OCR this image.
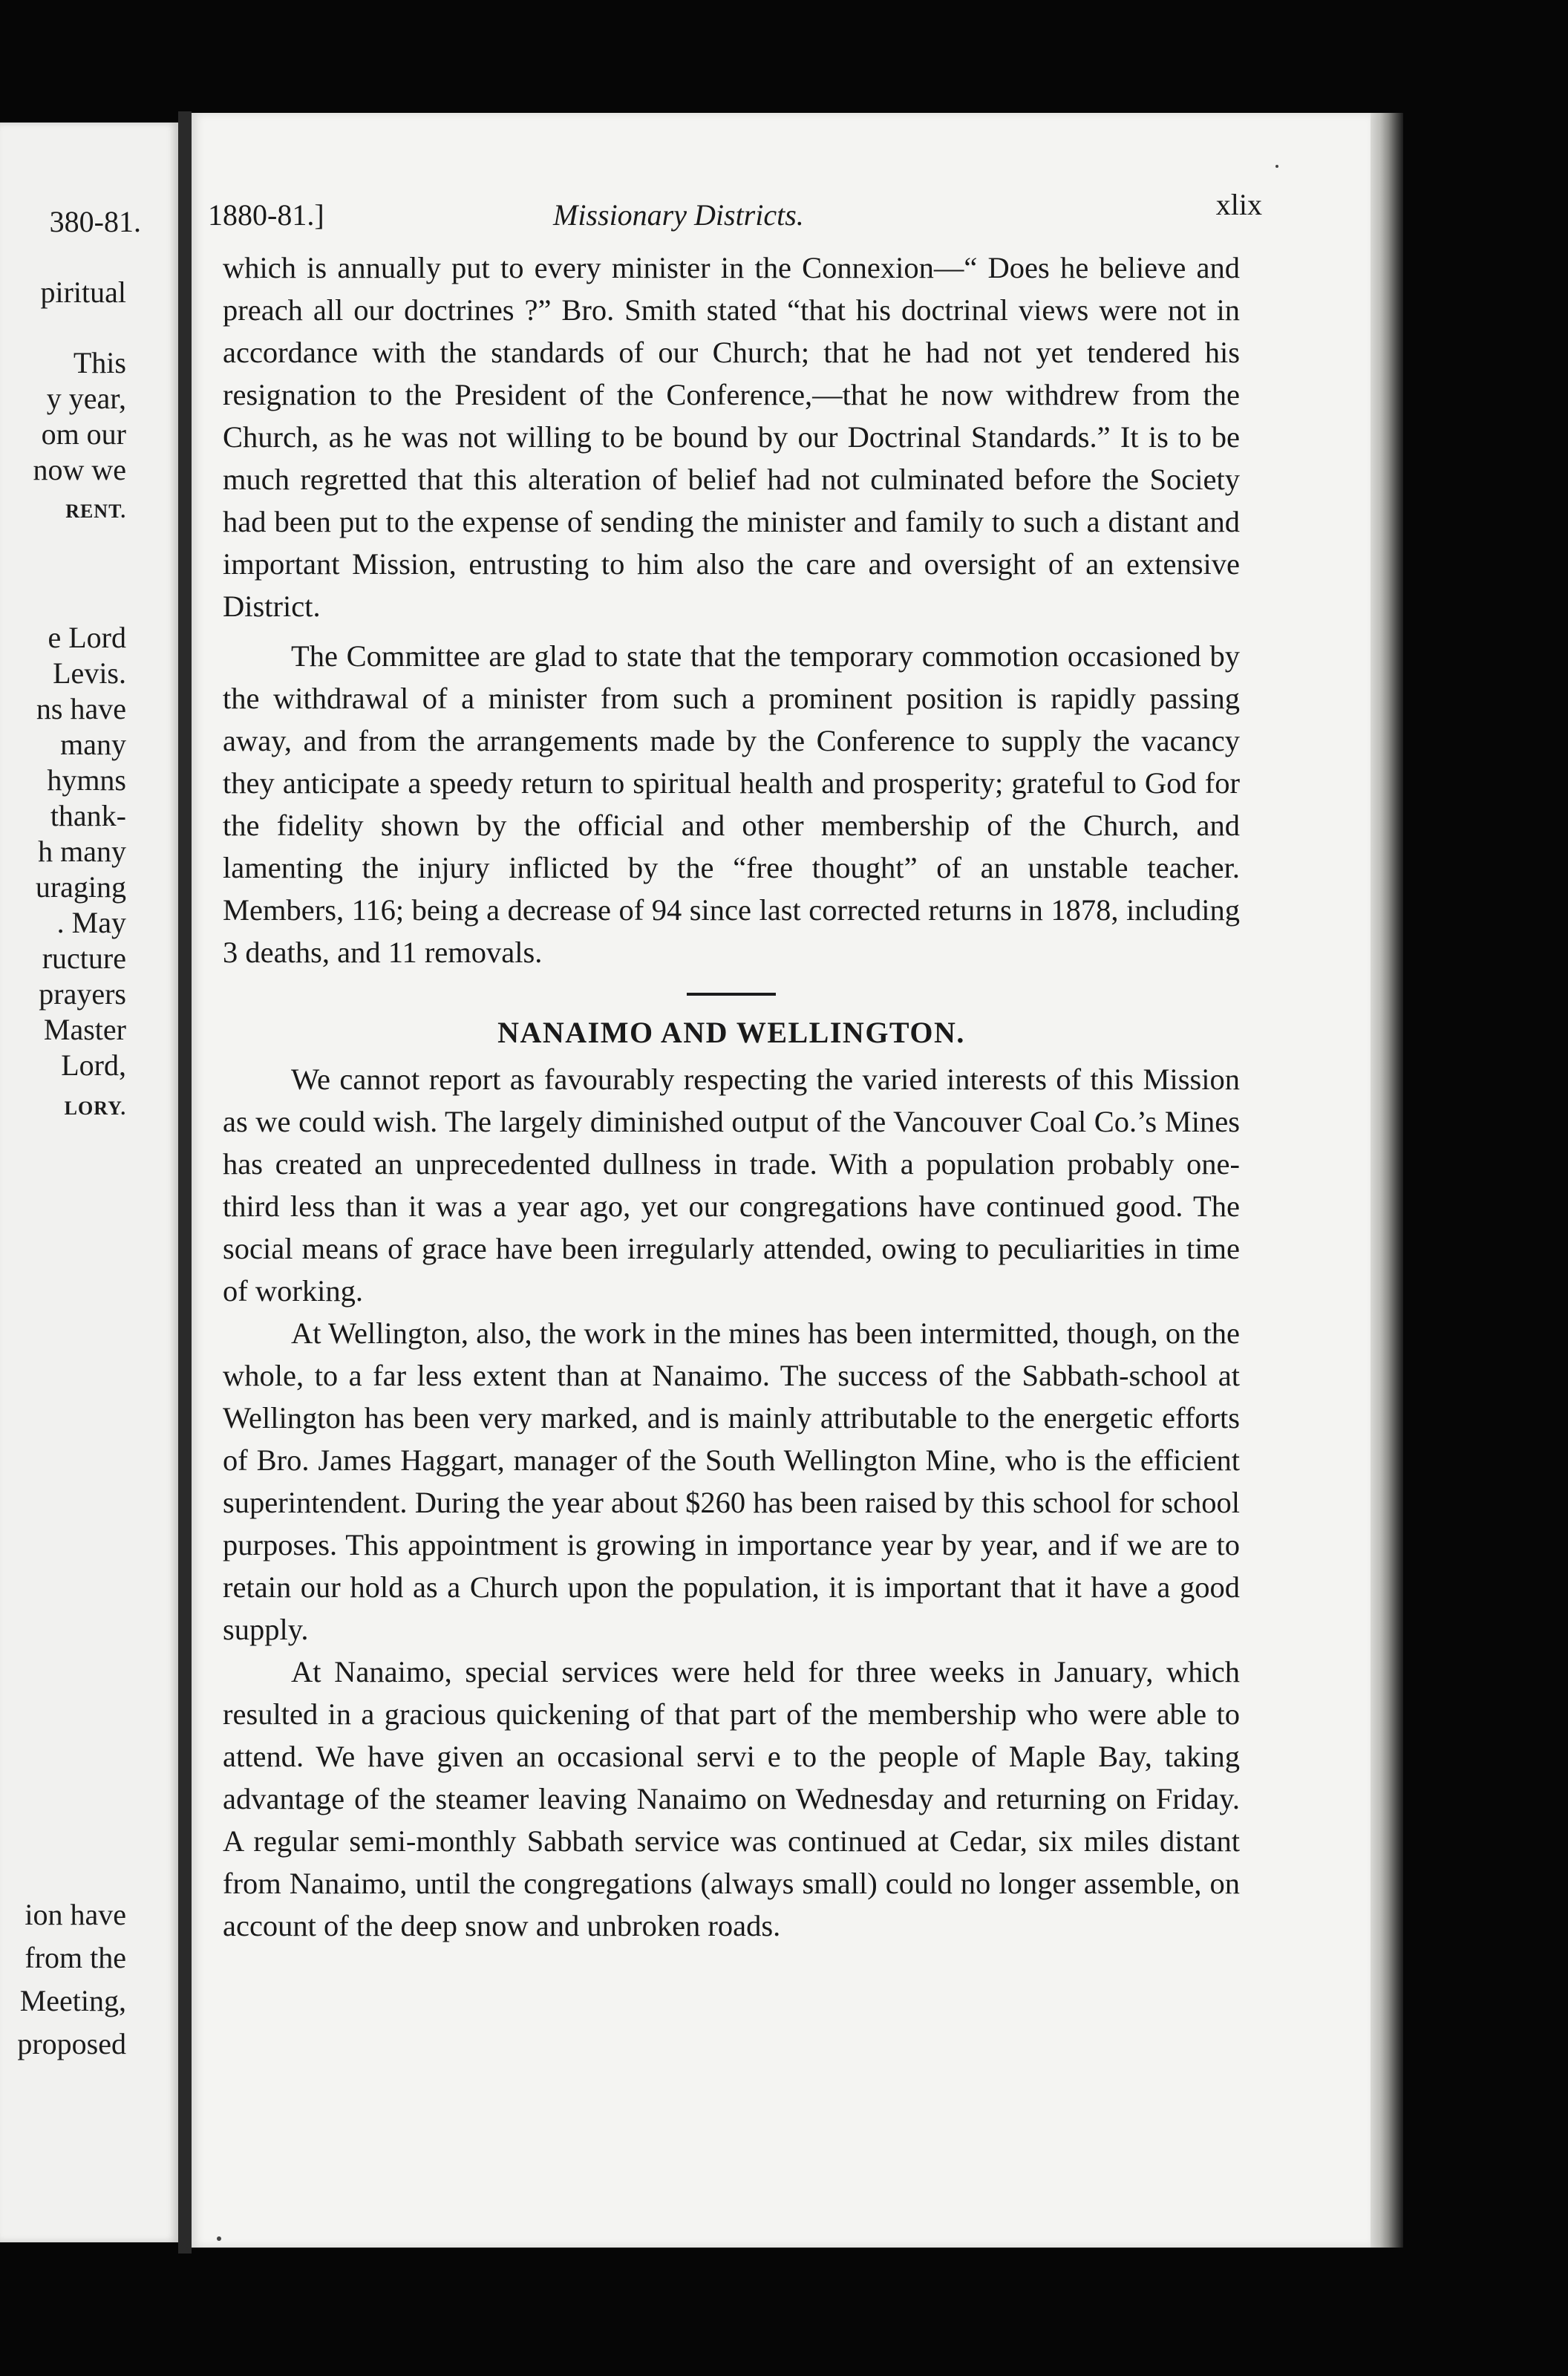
380-81.
piritual
This
y year,
om our
now we
RENT.
e Lord
Levis.
ns have
many
hymns
thank-
h many
uraging
. May
ructure
prayers
Master
Lord,
LORY.
ion have
from the
Meeting,
proposed
1880-81.]	Missionary Districts.	xlix

which is annually put to every minister in the Connexion—“ Does he believe and preach all our doctrines ?” Bro. Smith stated “that his doctrinal views were not in accordance with the standards of our Church; that he had not yet tendered his resignation to the President of the Conference,—that he now withdrew from the Church, as he was not willing to be bound by our Doctrinal Standards.” It is to be much regretted that this alteration of belief had not culminated before the Society had been put to the expense of sending the minister and family to such a distant and important Mission, entrusting to him also the care and oversight of an extensive District.

The Committee are glad to state that the temporary commotion occasioned by the withdrawal of a minister from such a prominent position is rapidly passing away, and from the arrangements made by the Conference to supply the vacancy they anticipate a speedy return to spiritual health and prosperity; grateful to God for the fidelity shown by the official and other membership of the Church, and lamenting the injury inflicted by the “free thought” of an unstable teacher. Members, 116; being a decrease of 94 since last corrected returns in 1878, including 3 deaths, and 11 removals.

NANAIMO AND WELLINGTON.

We cannot report as favourably respecting the varied interests of this Mission as we could wish. The largely diminished output of the Vancouver Coal Co.’s Mines has created an unprecedented dullness in trade. With a population probably one-third less than it was a year ago, yet our congregations have continued good. The social means of grace have been irregularly attended, owing to peculiarities in time of working.

At Wellington, also, the work in the mines has been intermitted, though, on the whole, to a far less extent than at Nanaimo. The success of the Sabbath-school at Wellington has been very marked, and is mainly attributable to the energetic efforts of Bro. James Haggart, manager of the South Wellington Mine, who is the efficient superintendent. During the year about $260 has been raised by this school for school purposes. This appointment is growing in importance year by year, and if we are to retain our hold as a Church upon the population, it is important that it have a good supply.

At Nanaimo, special services were held for three weeks in January, which resulted in a gracious quickening of that part of the membership who were able to attend. We have given an occasional servi e to the people of Maple Bay, taking advantage of the steamer leaving Nanaimo on Wednesday and returning on Friday. A regular semi-monthly Sabbath service was continued at Cedar, six miles distant from Nanaimo, until the congregations (always small) could no longer assemble, on account of the deep snow and unbroken roads.
